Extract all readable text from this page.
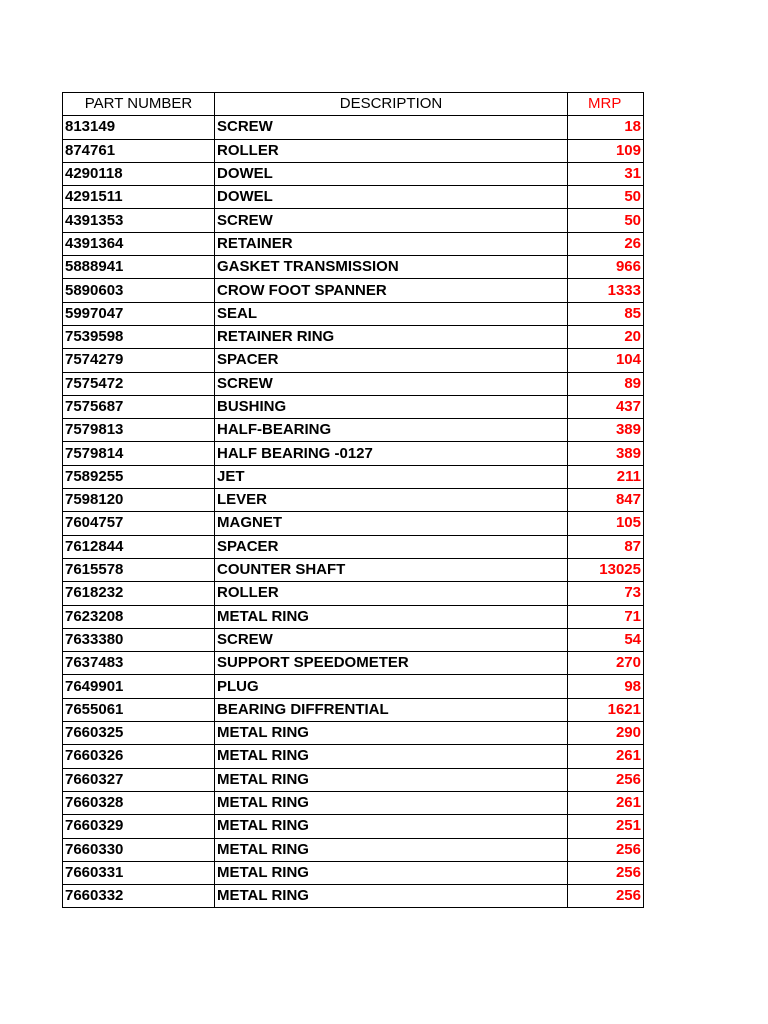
PART NUMBER	DESCRIPTION	MRP
813149	SCREW	18
874761	ROLLER	109
4290118	DOWEL	31
4291511	DOWEL	50
4391353	SCREW	50
4391364	RETAINER	26
5888941	GASKET TRANSMISSION	966
5890603	CROW FOOT SPANNER	1333
5997047	SEAL	85
7539598	RETAINER RING	20
7574279	SPACER	104
7575472	SCREW	89
7575687	BUSHING	437
7579813	HALF-BEARING	389
7579814	HALF BEARING -0127	389
7589255	JET	211
7598120	LEVER	847
7604757	MAGNET	105
7612844	SPACER	87
7615578	COUNTER SHAFT	13025
7618232	ROLLER	73
7623208	METAL RING	71
7633380	SCREW	54
7637483	SUPPORT SPEEDOMETER	270
7649901	PLUG	98
7655061	BEARING DIFFRENTIAL	1621
7660325	METAL RING	290
7660326	METAL RING	261
7660327	METAL RING	256
7660328	METAL RING	261
7660329	METAL RING	251
7660330	METAL RING	256
7660331	METAL RING	256
7660332	METAL RING	256
